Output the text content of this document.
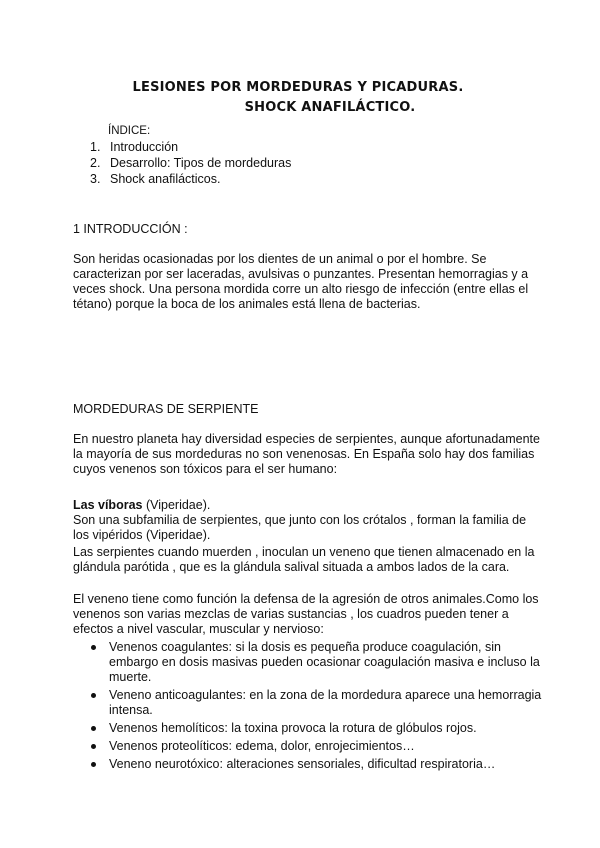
LESIONES POR MORDEDURAS Y PICADURAS.
SHOCK ANAFILÁCTICO.
ÍNDICE:
1. Introducción
2. Desarrollo: Tipos de mordeduras
3. Shock anafilácticos.
1 INTRODUCCIÓN :
Son heridas ocasionadas por los dientes de un animal o por el hombre. Se caracterizan por ser laceradas, avulsivas o punzantes. Presentan hemorragias y a veces shock. Una persona mordida corre un alto riesgo de infección (entre ellas el tétano) porque la boca de los animales está llena de bacterias.
MORDEDURAS DE SERPIENTE
En nuestro planeta hay diversidad especies de serpientes, aunque afortunadamente la mayoría de sus mordeduras no son venenosas. En España solo hay dos familias cuyos venenos son tóxicos para el ser humano:
Las víboras (Viperidae).
Son una subfamilia de serpientes, que junto con los crótalos , forman la familia de los vipéridos (Viperidae).
Las serpientes cuando muerden , inoculan un veneno que tienen almacenado en la glándula parótida , que es la glándula salival situada a ambos lados de la cara.
El veneno tiene como función la defensa de la agresión de otros animales.Como los venenos son varias mezclas de varias sustancias , los cuadros pueden tener a efectos a nivel vascular, muscular y nervioso:
Venenos coagulantes: si la dosis es pequeña produce coagulación, sin embargo en dosis masivas pueden ocasionar coagulación masiva e incluso la muerte.
Veneno anticoagulantes: en la zona de la mordedura aparece una hemorragia intensa.
Venenos hemolíticos: la toxina provoca la rotura de glóbulos rojos.
Venenos proteolíticos: edema, dolor, enrojecimientos…
Veneno neurotóxico: alteraciones sensoriales, dificultad respiratoria…
